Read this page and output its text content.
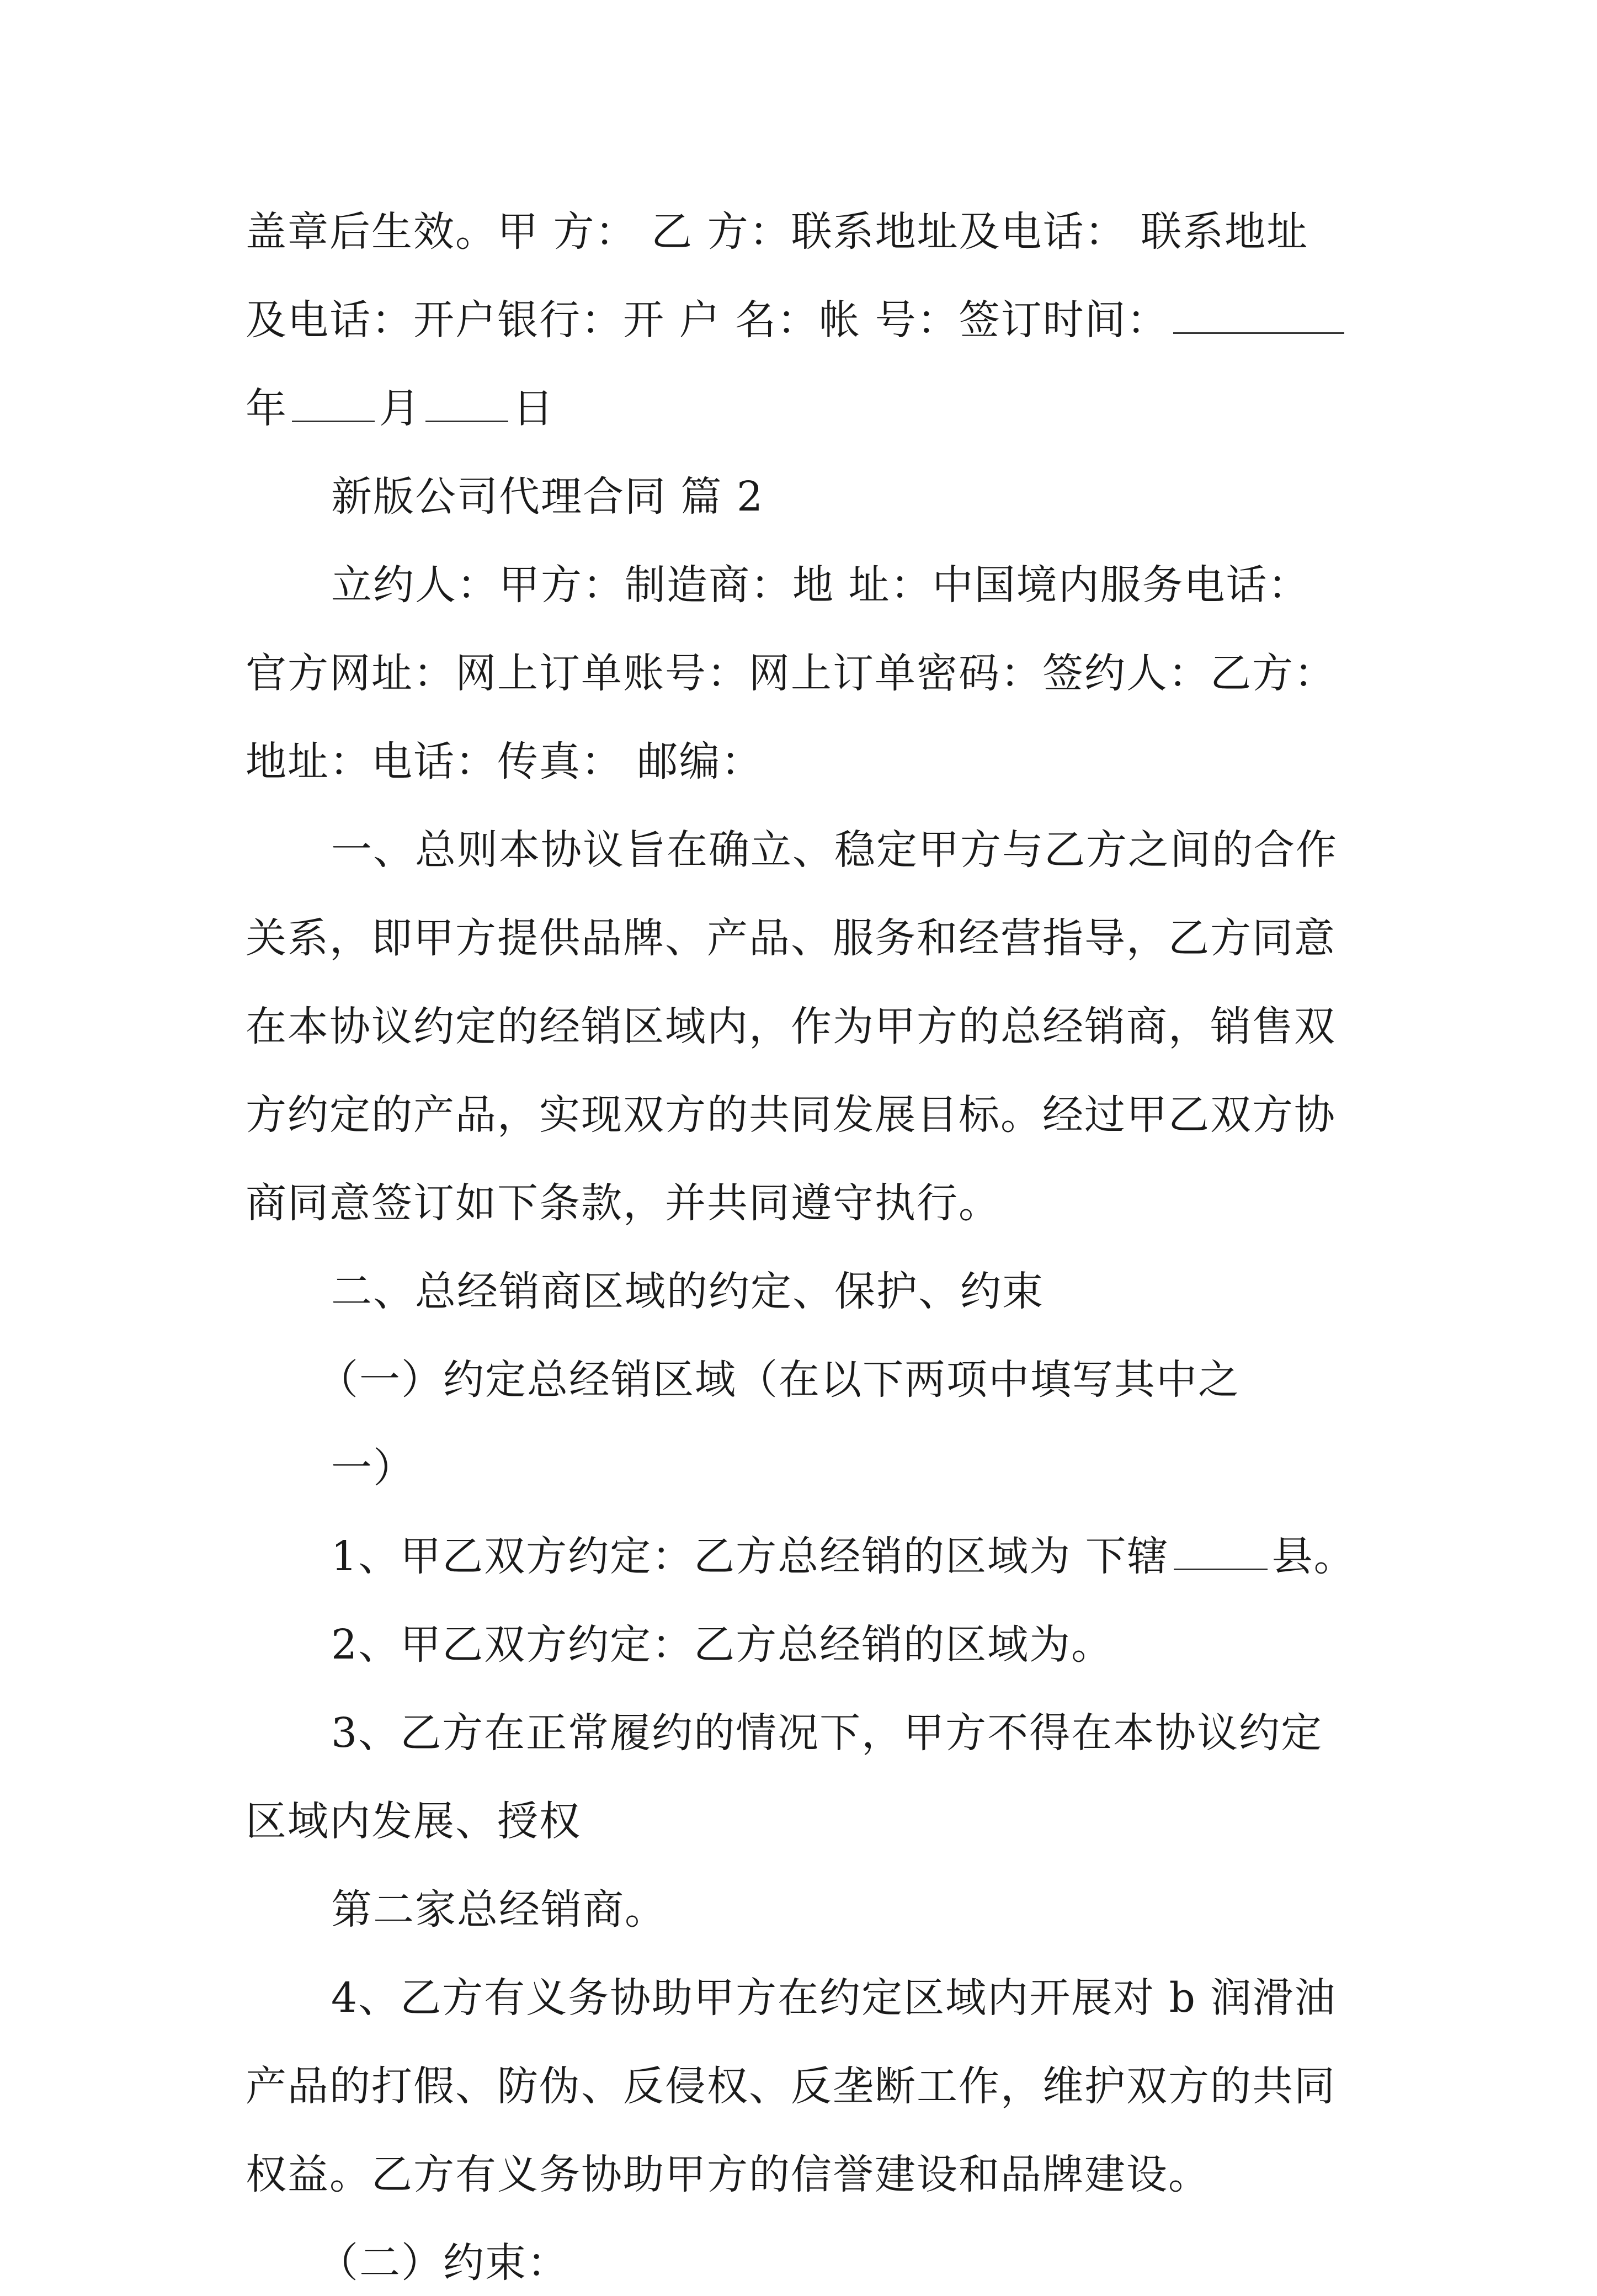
盖章后生效。甲 方： 乙 方：联系地址及电话： 联系地址
及电话：开户银行：开 户 名：帐 号：签订时间：
年 月 日
新版公司代理合同 篇 2
立约人：甲方：制造商：地 址：中国境内服务电话：
官方网址：网上订单账号：网上订单密码：签约人：乙方：
地址：电话：传真： 邮编：
一、总则本协议旨在确立、稳定甲方与乙方之间的合作
关系，即甲方提供品牌、产品、服务和经营指导，乙方同意
在本协议约定的经销区域内，作为甲方的总经销商，销售双
方约定的产品，实现双方的共同发展目标。经过甲乙双方协
商同意签订如下条款，并共同遵守执行。
二、总经销商区域的约定、保护、约束
（一）约定总经销区域（在以下两项中填写其中之
一）
1、甲乙双方约定：乙方总经销的区域为 下辖	县。
2、甲乙双方约定：乙方总经销的区域为。
3、乙方在正常履约的情况下，甲方不得在本协议约定
区域内发展、授权
第二家总经销商。
4、乙方有义务协助甲方在约定区域内开展对 b 润滑油
产品的打假、防伪、反侵权、反垄断工作，维护双方的共同
权益。乙方有义务协助甲方的信誉建设和品牌建设。
（二）约束：
